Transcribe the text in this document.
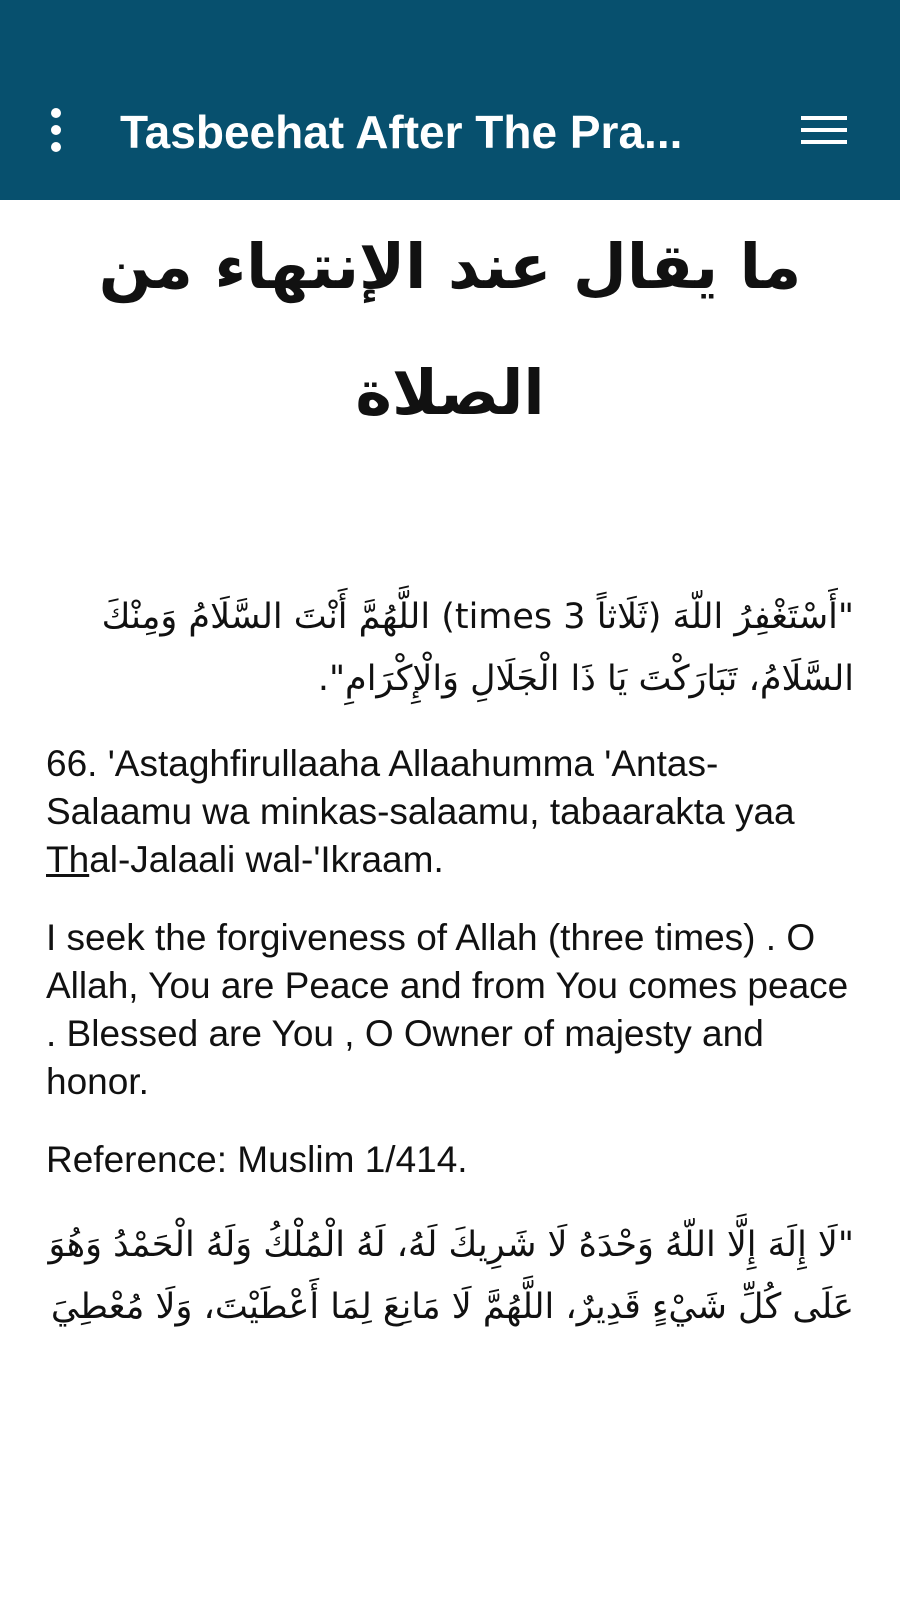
Tasbeehat After The Pra...
ما يقال عند الإنتهاء من الصلاة

"أَسْتَغْفِرُ اللّهَ (ثَلَاثاً 3 times) اللَّهُمَّ أَنْتَ السَّلَامُ وَمِنْكَ السَّلَامُ، تَبَارَكْتَ يَا ذَا الْجَلَالِ وَالْإِكْرَامِ".

66. 'Astaghfirullaaha Allaahumma 'Antas-Salaamu wa minkas-salaamu, tabaarakta yaa Thal-Jalaali wal-'Ikraam.

I seek the forgiveness of Allah (three times) . O Allah, You are Peace and from You comes peace . Blessed are You , O Owner of majesty and honor.

Reference: Muslim 1/414.

"لَا إِلَهَ إِلَّا اللّهُ وَحْدَهُ لَا شَرِيكَ لَهُ، لَهُ الْمُلْكُ وَلَهُ الْحَمْدُ وَهُوَ عَلَى كُلِّ شَيْءٍ قَدِيرٌ، اللَّهُمَّ لَا مَانِعَ لِمَا أَعْطَيْتَ، وَلَا مُعْطِيَ
